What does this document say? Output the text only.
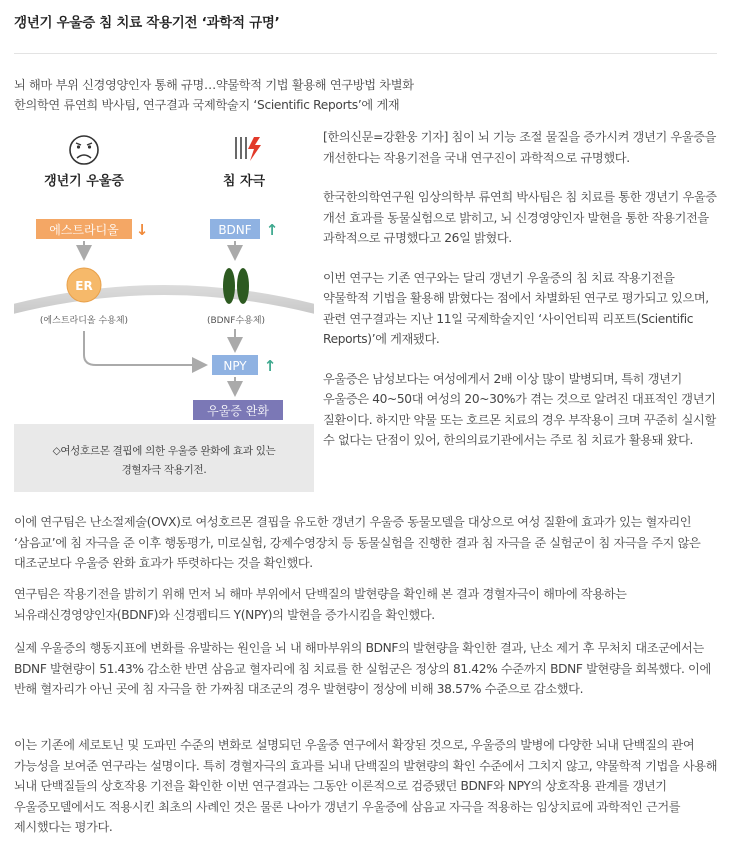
갱년기 우울증 침 치료 작용기전 ‘과학적 규명’
뇌 해마 부위 신경영양인자 통해 규명…약물학적 기법 활용해 연구방법 차별화
한의학연 류연희 박사팀, 연구결과 국제학술지 ‘Scientific Reports’에 게재
갱년기 우울증	침 자극
에스트라디올 ↓	BDNF ↑
ER
(에스트라디올 수용체)	(BDNF수용체)
NPY ↑
우울증 완화
◇여성호르몬 결핍에 의한 우울증 완화에 효과 있는
경혈자극 작용기전.

[한의신문=강환웅 기자] 침이 뇌 기능 조절 물질을 증가시켜 갱년기 우울증을 개선한다는 작용기전을 국내 연구진이 과학적으로 규명했다.

한국한의학연구원 임상의학부 류연희 박사팀은 침 치료를 통한 갱년기 우울증 개선 효과를 동물실험으로 밝히고, 뇌 신경영양인자 발현을 통한 작용기전을 과학적으로 규명했다고 26일 밝혔다.

이번 연구는 기존 연구와는 달리 갱년기 우울증의 침 치료 작용기전을 약물학적 기법을 활용해 밝혔다는 점에서 차별화된 연구로 평가되고 있으며, 관련 연구결과는 지난 11일 국제학술지인 ‘사이언티픽 리포트(Scientific Reports)’에 게재됐다.

우울증은 남성보다는 여성에게서 2배 이상 많이 발병되며, 특히 갱년기 우울증은 40~50대 여성의 20~30%가 겪는 것으로 알려진 대표적인 갱년기 질환이다. 하지만 약물 또는 호르몬 치료의 경우 부작용이 크며 꾸준히 실시할 수 없다는 단점이 있어, 한의의료기관에서는 주로 침 치료가 활용돼 왔다.

이에 연구팀은 난소절제술(OVX)로 여성호르몬 결핍을 유도한 갱년기 우울증 동물모델을 대상으로 여성 질환에 효과가 있는 혈자리인 ‘삼음교’에 침 자극을 준 이후 행동평가, 미로실험, 강제수영장치 등 동물실험을 진행한 결과 침 자극을 준 실험군이 침 자극을 주지 않은 대조군보다 우울증 완화 효과가 뚜렷하다는 것을 확인했다.

연구팀은 작용기전을 밝히기 위해 먼저 뇌 해마 부위에서 단백질의 발현량을 확인해 본 결과 경혈자극이 해마에 작용하는 뇌유래신경영양인자(BDNF)와 신경펩티드 Y(NPY)의 발현을 증가시킴을 확인했다.

실제 우울증의 행동지표에 변화를 유발하는 원인을 뇌 내 해마부위의 BDNF의 발현량을 확인한 결과, 난소 제거 후 무처치 대조군에서는 BDNF 발현량이 51.43% 감소한 반면 삼음교 혈자리에 침 치료를 한 실험군은 정상의 81.42% 수준까지 BDNF 발현량을 회복했다. 이에 반해 혈자리가 아닌 곳에 침 자극을 한 가짜침 대조군의 경우 발현량이 정상에 비해 38.57% 수준으로 감소했다.

이는 기존에 세로토닌 및 도파민 수준의 변화로 설명되던 우울증 연구에서 확장된 것으로, 우울증의 발병에 다양한 뇌내 단백질의 관여 가능성을 보여준 연구라는 설명이다. 특히 경혈자극의 효과를 뇌내 단백질의 발현량의 확인 수준에서 그치지 않고, 약물학적 기법을 사용해 뇌내 단백질들의 상호작용 기전을 확인한 이번 연구결과는 그동안 이론적으로 검증됐던 BDNF와 NPY의 상호작용 관계를 갱년기 우울증모델에서도 적용시킨 최초의 사례인 것은 물론 나아가 갱년기 우울증에 삼음교 자극을 적용하는 임상치료에 과학적인 근거를 제시했다는 평가다.
